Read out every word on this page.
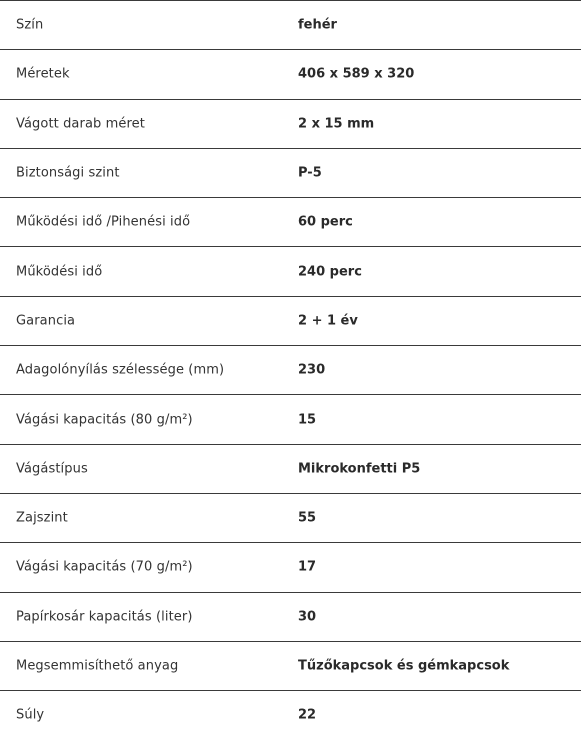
Szín	fehér
Méretek	406 x 589 x 320
Vágott darab méret	2 x 15 mm
Biztonsági szint	P-5
Működési idő /Pihenési idő	60 perc
Működési idő	240 perc
Garancia	2 + 1 év
Adagolónyílás szélessége (mm)	230
Vágási kapacitás (80 g/m²)	15
Vágástípus	Mikrokonfetti P5
Zajszint	55
Vágási kapacitás (70 g/m²)	17
Papírkosár kapacitás (liter)	30
Megsemmisíthető anyag	Tűzőkapcsok és gémkapcsok
Súly	22
